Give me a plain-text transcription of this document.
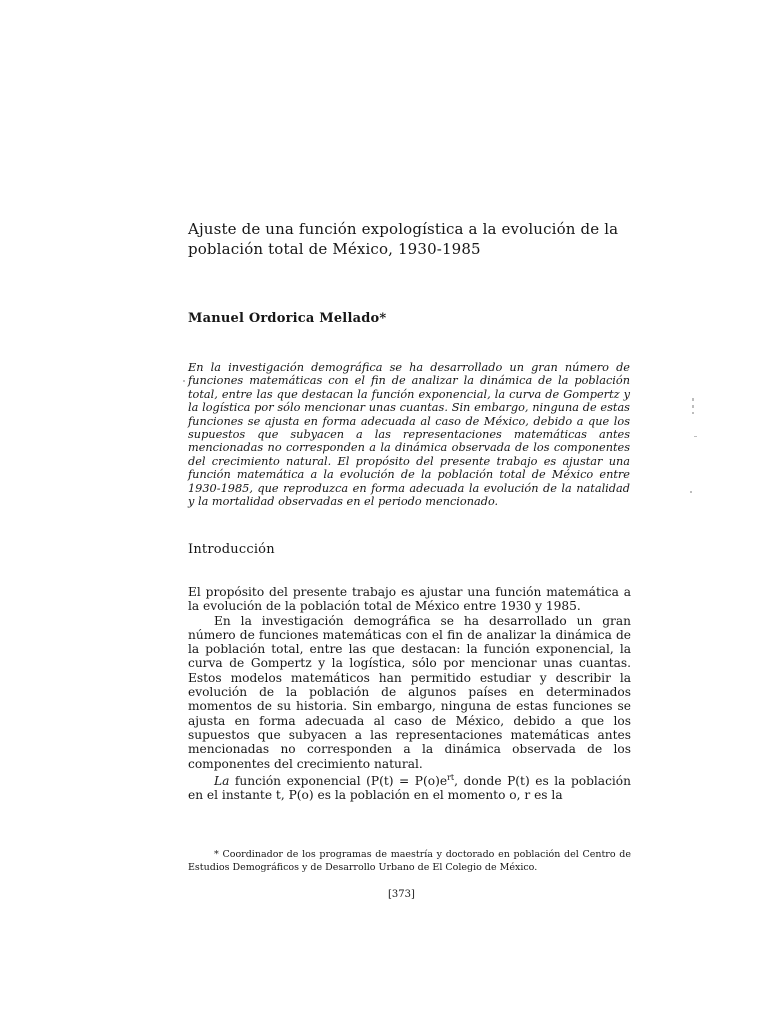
Ajuste de una función expologística a la evolución de la población total de México, 1930-1985

Manuel Ordorica Mellado*

En la investigación demográfica se ha desarrollado un gran número de funciones matemáticas con el fin de analizar la dinámica de la población total, entre las que destacan la función exponencial, la curva de Gompertz y la logística por sólo mencionar unas cuantas. Sin embargo, ninguna de estas funciones se ajusta en forma adecuada al caso de México, debido a que los supuestos que subyacen a las representaciones matemáticas antes mencionadas no corresponden a la dinámica observada de los componentes del crecimiento natural. El propósito del presente trabajo es ajustar una función matemática a la evolución de la población total de México entre 1930-1985, que reproduzca en forma adecuada la evolución de la natalidad y la mortalidad observadas en el periodo mencionado.

Introducción

El propósito del presente trabajo es ajustar una función matemática a la evolución de la población total de México entre 1930 y 1985.

En la investigación demográfica se ha desarrollado un gran número de funciones matemáticas con el fin de analizar la dinámica de la población total, entre las que destacan: la función exponencial, la curva de Gompertz y la logística, sólo por mencionar unas cuantas. Estos modelos matemáticos han permitido estudiar y describir la evolución de la población de algunos países en determinados momentos de su historia. Sin embargo, ninguna de estas funciones se ajusta en forma adecuada al caso de México, debido a que los supuestos que subyacen a las representaciones matemáticas antes mencionadas no corresponden a la dinámica observada de los componentes del crecimiento natural.

La función exponencial ($P(t) = P(o)e^{rt}$, donde P(t) es la población en el instante t, P(o) es la población en el momento o, r es la

* Coordinador de los programas de maestría y doctorado en población del Centro de Estudios Demográficos y de Desarrollo Urbano de El Colegio de México.

[373]
